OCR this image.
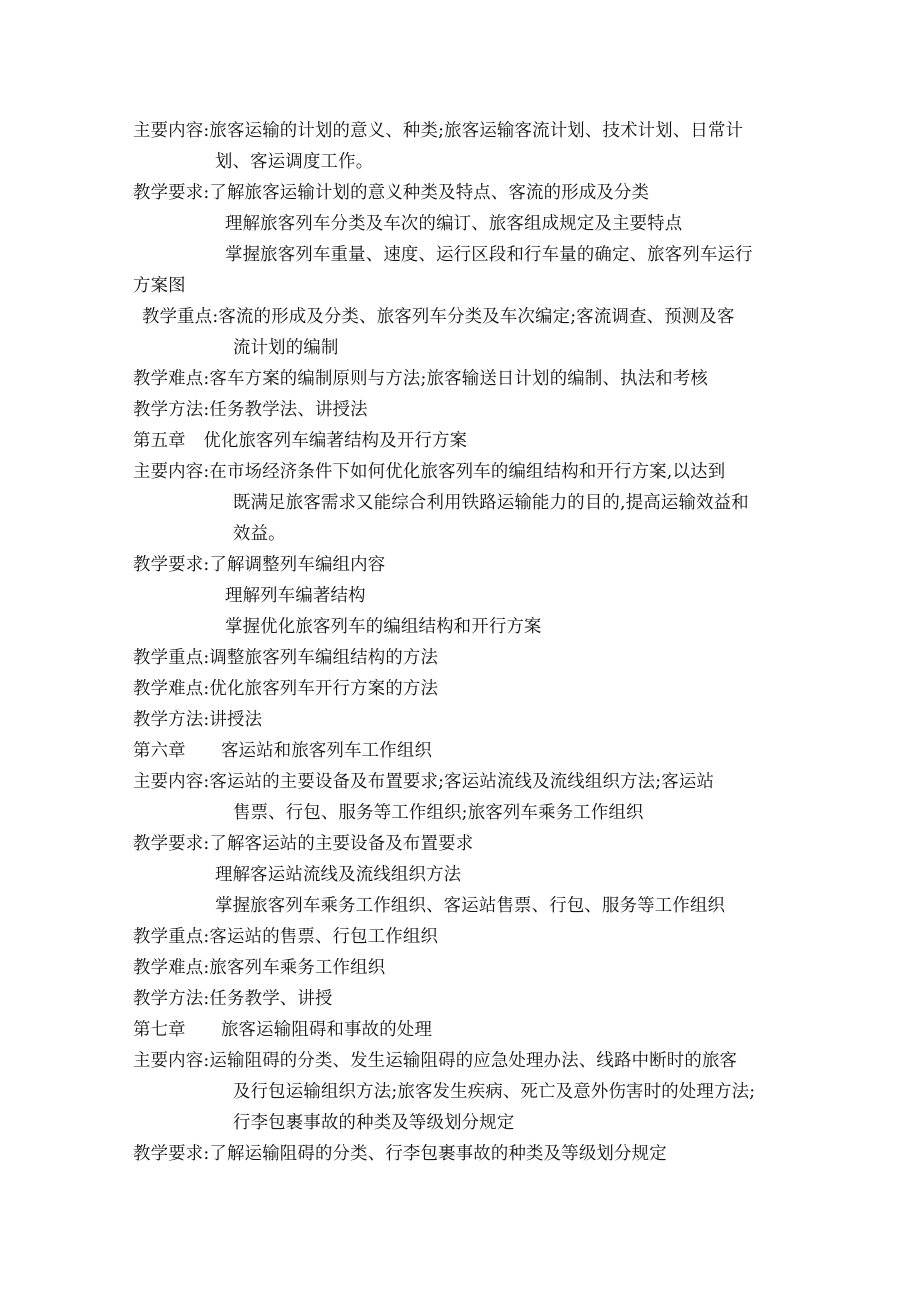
主要内容:旅客运输的计划的意义、种类;旅客运输客流计划、技术计划、日常计
划、客运调度工作。
教学要求:了解旅客运输计划的意义种类及特点、客流的形成及分类
理解旅客列车分类及车次的编订、旅客组成规定及主要特点
掌握旅客列车重量、速度、运行区段和行车量的确定、旅客列车运行
方案图
教学重点:客流的形成及分类、旅客列车分类及车次编定;客流调查、预测及客
流计划的编制
教学难点:客车方案的编制原则与方法;旅客输送日计划的编制、执法和考核
教学方法:任务教学法、讲授法
第五章　优化旅客列车编著结构及开行方案
主要内容:在市场经济条件下如何优化旅客列车的编组结构和开行方案,以达到
既满足旅客需求又能综合利用铁路运输能力的目的,提高运输效益和
效益。
教学要求:了解调整列车编组内容
理解列车编著结构
掌握优化旅客列车的编组结构和开行方案
教学重点:调整旅客列车编组结构的方法
教学难点:优化旅客列车开行方案的方法
教学方法:讲授法
第六章　　客运站和旅客列车工作组织
主要内容:客运站的主要设备及布置要求;客运站流线及流线组织方法;客运站
售票、行包、服务等工作组织;旅客列车乘务工作组织
教学要求:了解客运站的主要设备及布置要求
理解客运站流线及流线组织方法
掌握旅客列车乘务工作组织、客运站售票、行包、服务等工作组织
教学重点:客运站的售票、行包工作组织
教学难点:旅客列车乘务工作组织
教学方法:任务教学、讲授
第七章　　旅客运输阻碍和事故的处理
主要内容:运输阻碍的分类、发生运输阻碍的应急处理办法、线路中断时的旅客
及行包运输组织方法;旅客发生疾病、死亡及意外伤害时的处理方法;
行李包裹事故的种类及等级划分规定
教学要求:了解运输阻碍的分类、行李包裹事故的种类及等级划分规定
